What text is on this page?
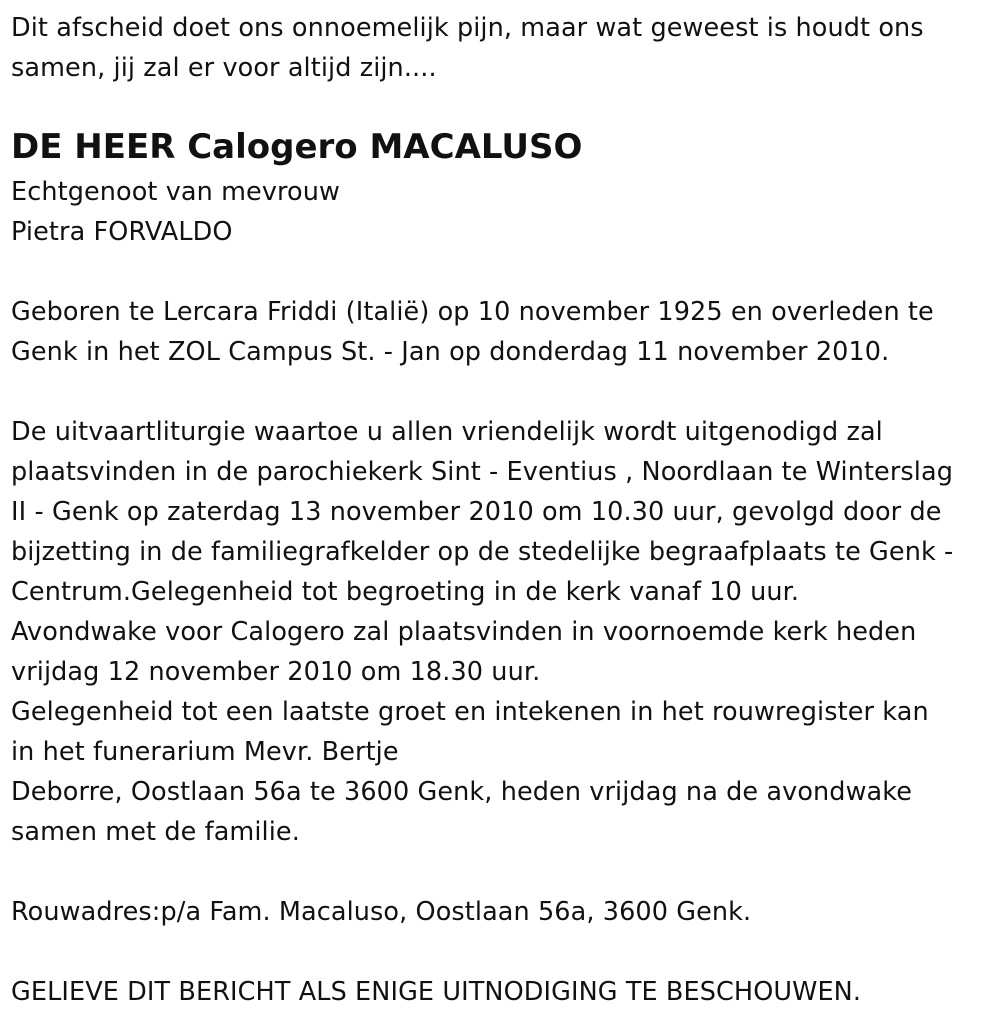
Dit afscheid doet ons onnoemelijk pijn, maar wat geweest is houdt ons
samen, jij zal er voor altijd zijn....
DE HEER Calogero MACALUSO
Echtgenoot van mevrouw
Pietra FORVALDO
Geboren te Lercara Friddi (Italië) op 10 november 1925 en overleden te
Genk in het ZOL Campus St. - Jan op donderdag 11 november 2010.
De uitvaartliturgie waartoe u allen vriendelijk wordt uitgenodigd zal
plaatsvinden in de parochiekerk Sint - Eventius , Noordlaan te Winterslag
II - Genk op zaterdag 13 november 2010 om 10.30 uur, gevolgd door de
bijzetting in de familiegrafkelder op de stedelijke begraafplaats te Genk -
Centrum.Gelegenheid tot begroeting in de kerk vanaf 10 uur.
Avondwake voor Calogero zal plaatsvinden in voornoemde kerk heden
vrijdag 12 november 2010 om 18.30 uur.
Gelegenheid tot een laatste groet en intekenen in het rouwregister kan
in het funerarium Mevr. Bertje
Deborre, Oostlaan 56a te 3600 Genk, heden vrijdag na de avondwake
samen met de familie.
Rouwadres:p/a Fam. Macaluso, Oostlaan 56a, 3600 Genk.
GELIEVE DIT BERICHT ALS ENIGE UITNODIGING TE BESCHOUWEN.
